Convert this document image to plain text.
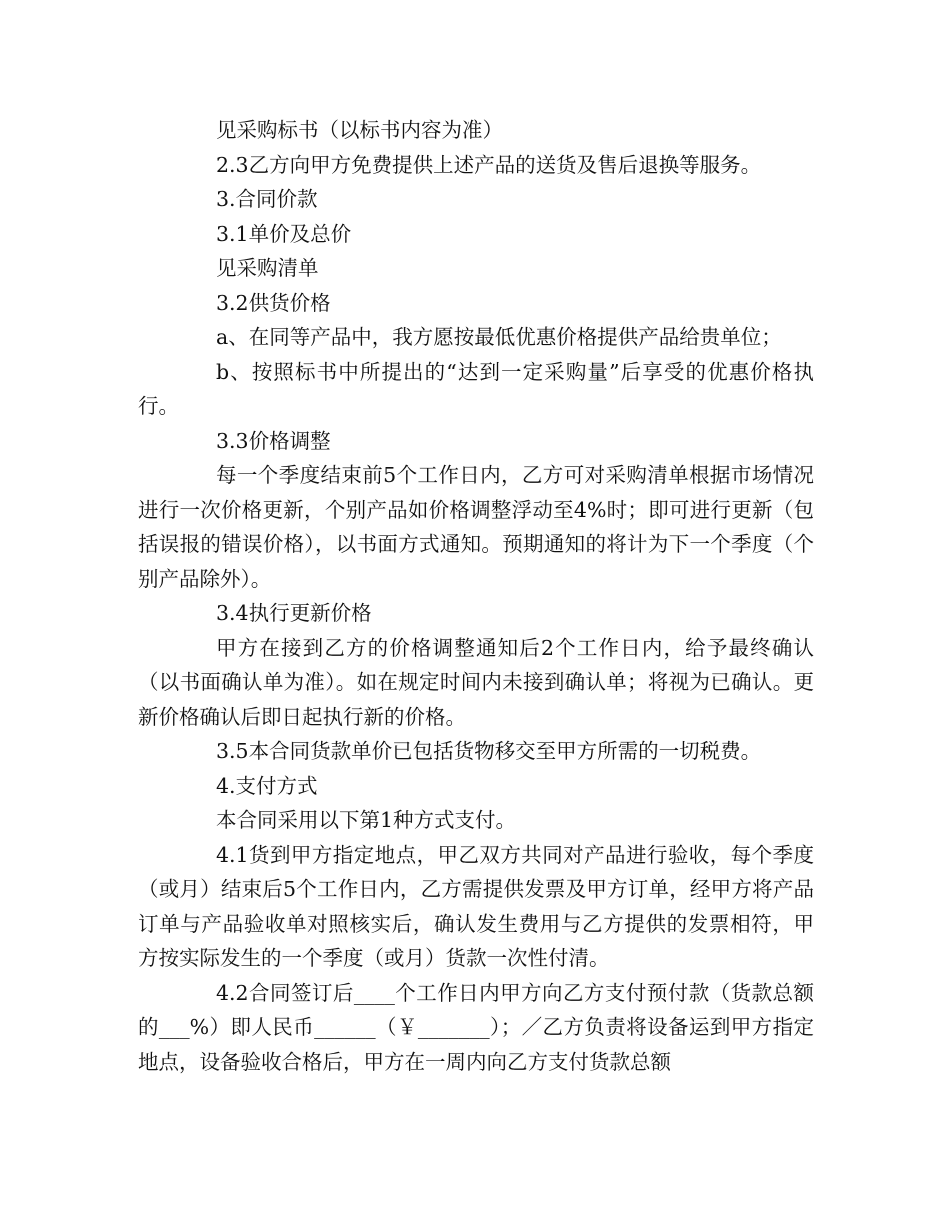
见采购标书（以标书内容为准）

2.3乙方向甲方免费提供上述产品的送货及售后退换等服务。

3.合同价款

3.1单价及总价

见采购清单

3.2供货价格

a、在同等产品中，我方愿按最低优惠价格提供产品给贵单位；

b、按照标书中所提出的“达到一定采购量”后享受的优惠价格执行。

3.3价格调整

每一个季度结束前5个工作日内，乙方可对采购清单根据市场情况进行一次价格更新，个别产品如价格调整浮动至4%时；即可进行更新（包括误报的错误价格），以书面方式通知。预期通知的将计为下一个季度（个别产品除外）。

3.4执行更新价格

甲方在接到乙方的价格调整通知后2个工作日内，给予最终确认（以书面确认单为准）。如在规定时间内未接到确认单；将视为已确认。更新价格确认后即日起执行新的价格。

3.5本合同货款单价已包括货物移交至甲方所需的一切税费。

4.支付方式

本合同采用以下第1种方式支付。

4.1货到甲方指定地点，甲乙双方共同对产品进行验收，每个季度（或月）结束后5个工作日内，乙方需提供发票及甲方订单，经甲方将产品订单与产品验收单对照核实后，确认发生费用与乙方提供的发票相符，甲方按实际发生的一个季度（或月）货款一次性付清。

4.2合同签订后____个工作日内甲方向乙方支付预付款（货款总额的___%）即人民币______（￥_______）；／乙方负责将设备运到甲方指定地点，设备验收合格后，甲方在一周内向乙方支付货款总额
